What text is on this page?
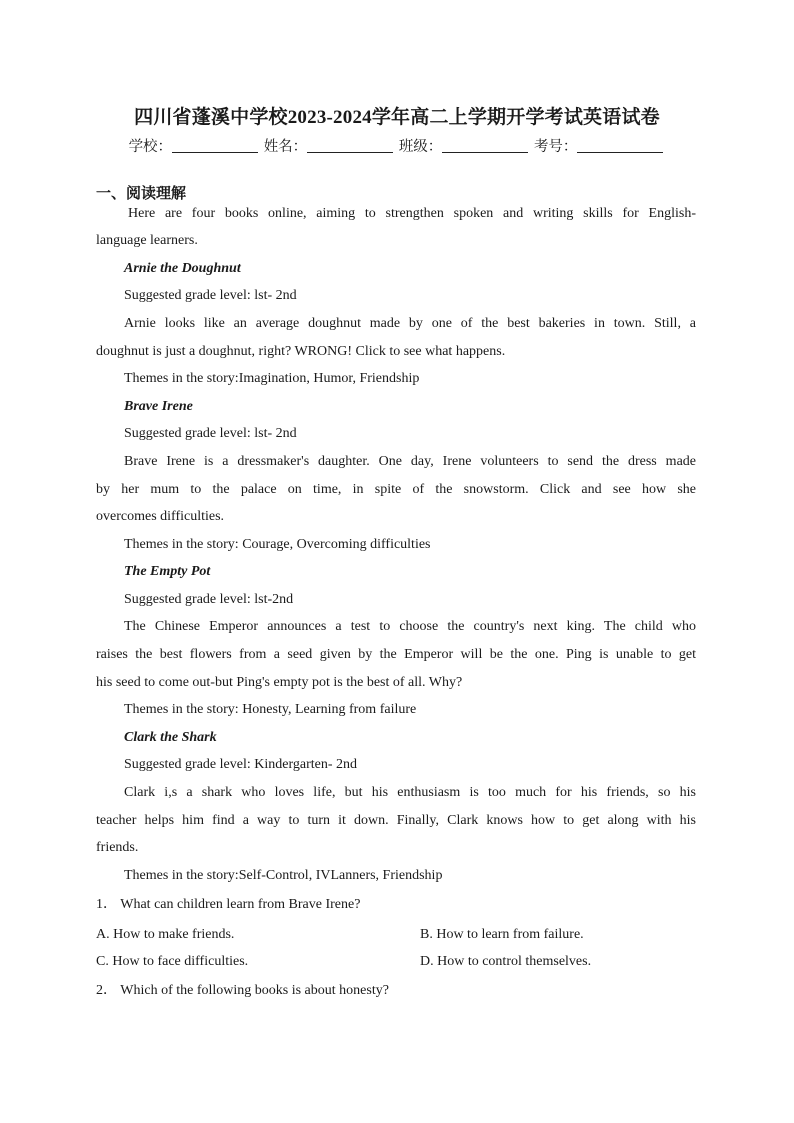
四川省蓬溪中学校2023-2024学年高二上学期开学考试英语试卷
学校：	姓名：	班级：	考号：
一、阅读理解
Here are four books online, aiming to strengthen spoken and writing skills for English-
language learners.
Arnie the Doughnut
Suggested grade level: lst- 2nd
Arnie looks like an average doughnut made by one of the best bakeries in town. Still, a
doughnut is just a doughnut, right? WRONG! Click to see what happens.
Themes in the story:Imagination, Humor, Friendship
Brave Irene
Suggested grade level: lst- 2nd
Brave Irene is a dressmaker's daughter. One day, Irene volunteers to send the dress made
by her mum to the palace on time, in spite of the snowstorm. Click and see how she
overcomes difficulties.
Themes in the story: Courage, Overcoming difficulties
The Empty Pot
Suggested grade level: lst-2nd
The Chinese Emperor announces a test to choose the country's next king. The child who
raises the best flowers from a seed given by the Emperor will be the one. Ping is unable to get
his seed to come out-but Ping's empty pot is the best of all. Why?
Themes in the story: Honesty, Learning from failure
Clark the Shark
Suggested grade level: Kindergarten- 2nd
Clark i,s a shark who loves life, but his enthusiasm is too much for his friends, so his
teacher helps him find a way to turn it down. Finally, Clark knows how to get along with his
friends.
Themes in the story:Self-Control, IVLanners, Friendship
1． What can children learn from Brave Irene?
A. How to make friends.	B. How to learn from failure.
C. How to face difficulties.	D. How to control themselves.
2． Which of the following books is about honesty?
